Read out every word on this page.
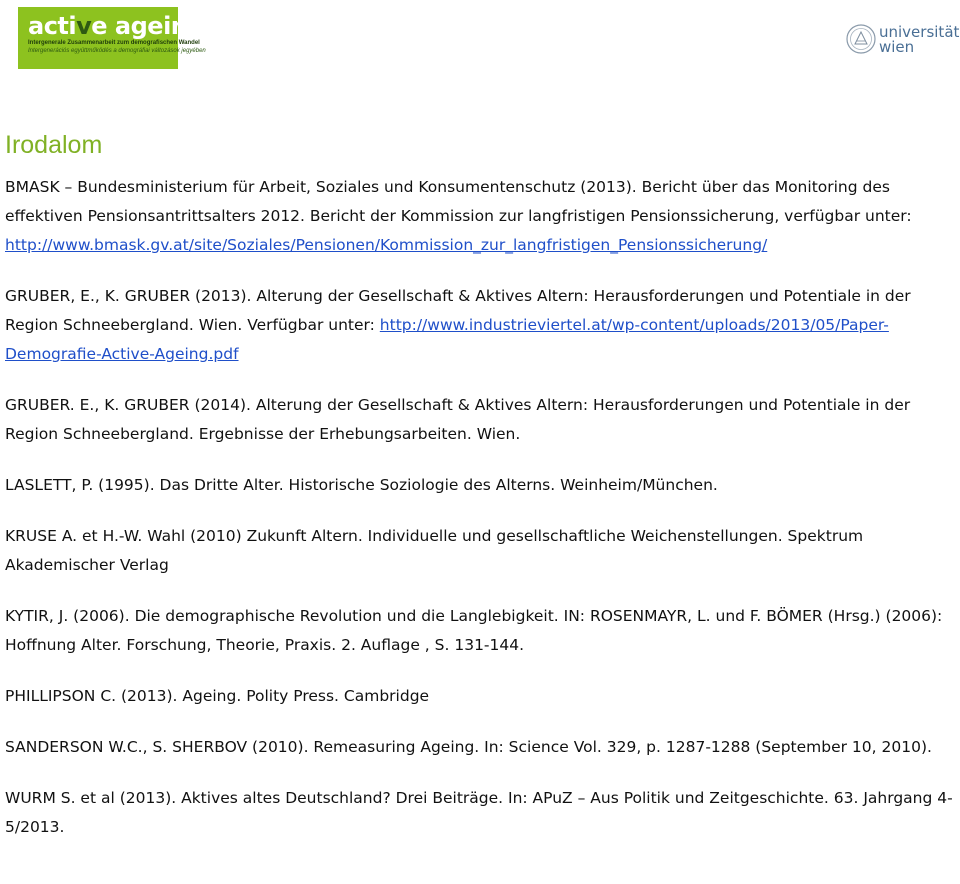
active ageing
Intergenerale Zusammenarbeit zum demografischen Wandel
Intergenerációs együttműködés a demográfiai változások jegyében
universität
wien
Irodalom

BMASK – Bundesministerium für Arbeit, Soziales und Konsumentenschutz (2013). Bericht über das Monitoring des effektiven Pensionsantrittsalters 2012. Bericht der Kommission zur langfristigen Pensionssicherung, verfügbar unter: http://www.bmask.gv.at/site/Soziales/Pensionen/Kommission_zur_langfristigen_Pensionssicherung/

GRUBER, E., K. GRUBER (2013). Alterung der Gesellschaft & Aktives Altern: Herausforderungen und Potentiale in der Region Schneebergland. Wien. Verfügbar unter: http://www.industrieviertel.at/wp-content/uploads/2013/05/Paper-Demografie-Active-Ageing.pdf

GRUBER. E., K. GRUBER (2014). Alterung der Gesellschaft & Aktives Altern: Herausforderungen und Potentiale in der Region Schneebergland. Ergebnisse der Erhebungsarbeiten. Wien.

LASLETT, P. (1995). Das Dritte Alter. Historische Soziologie des Alterns. Weinheim/München.

KRUSE A. et H.-W. Wahl (2010) Zukunft Altern. Individuelle und gesellschaftliche Weichenstellungen. Spektrum Akademischer Verlag

KYTIR, J. (2006). Die demographische Revolution und die Langlebigkeit. IN: ROSENMAYR, L. und F. BÖMER (Hrsg.) (2006): Hoffnung Alter. Forschung, Theorie, Praxis. 2. Auflage , S. 131-144.

PHILLIPSON C. (2013). Ageing. Polity Press. Cambridge

SANDERSON W.C., S. SHERBOV (2010). Remeasuring Ageing. In: Science Vol. 329, p. 1287-1288 (September 10, 2010).

WURM S. et al (2013). Aktives altes Deutschland? Drei Beiträge. In: APuZ – Aus Politik und Zeitgeschichte. 63. Jahrgang 4-5/2013.
